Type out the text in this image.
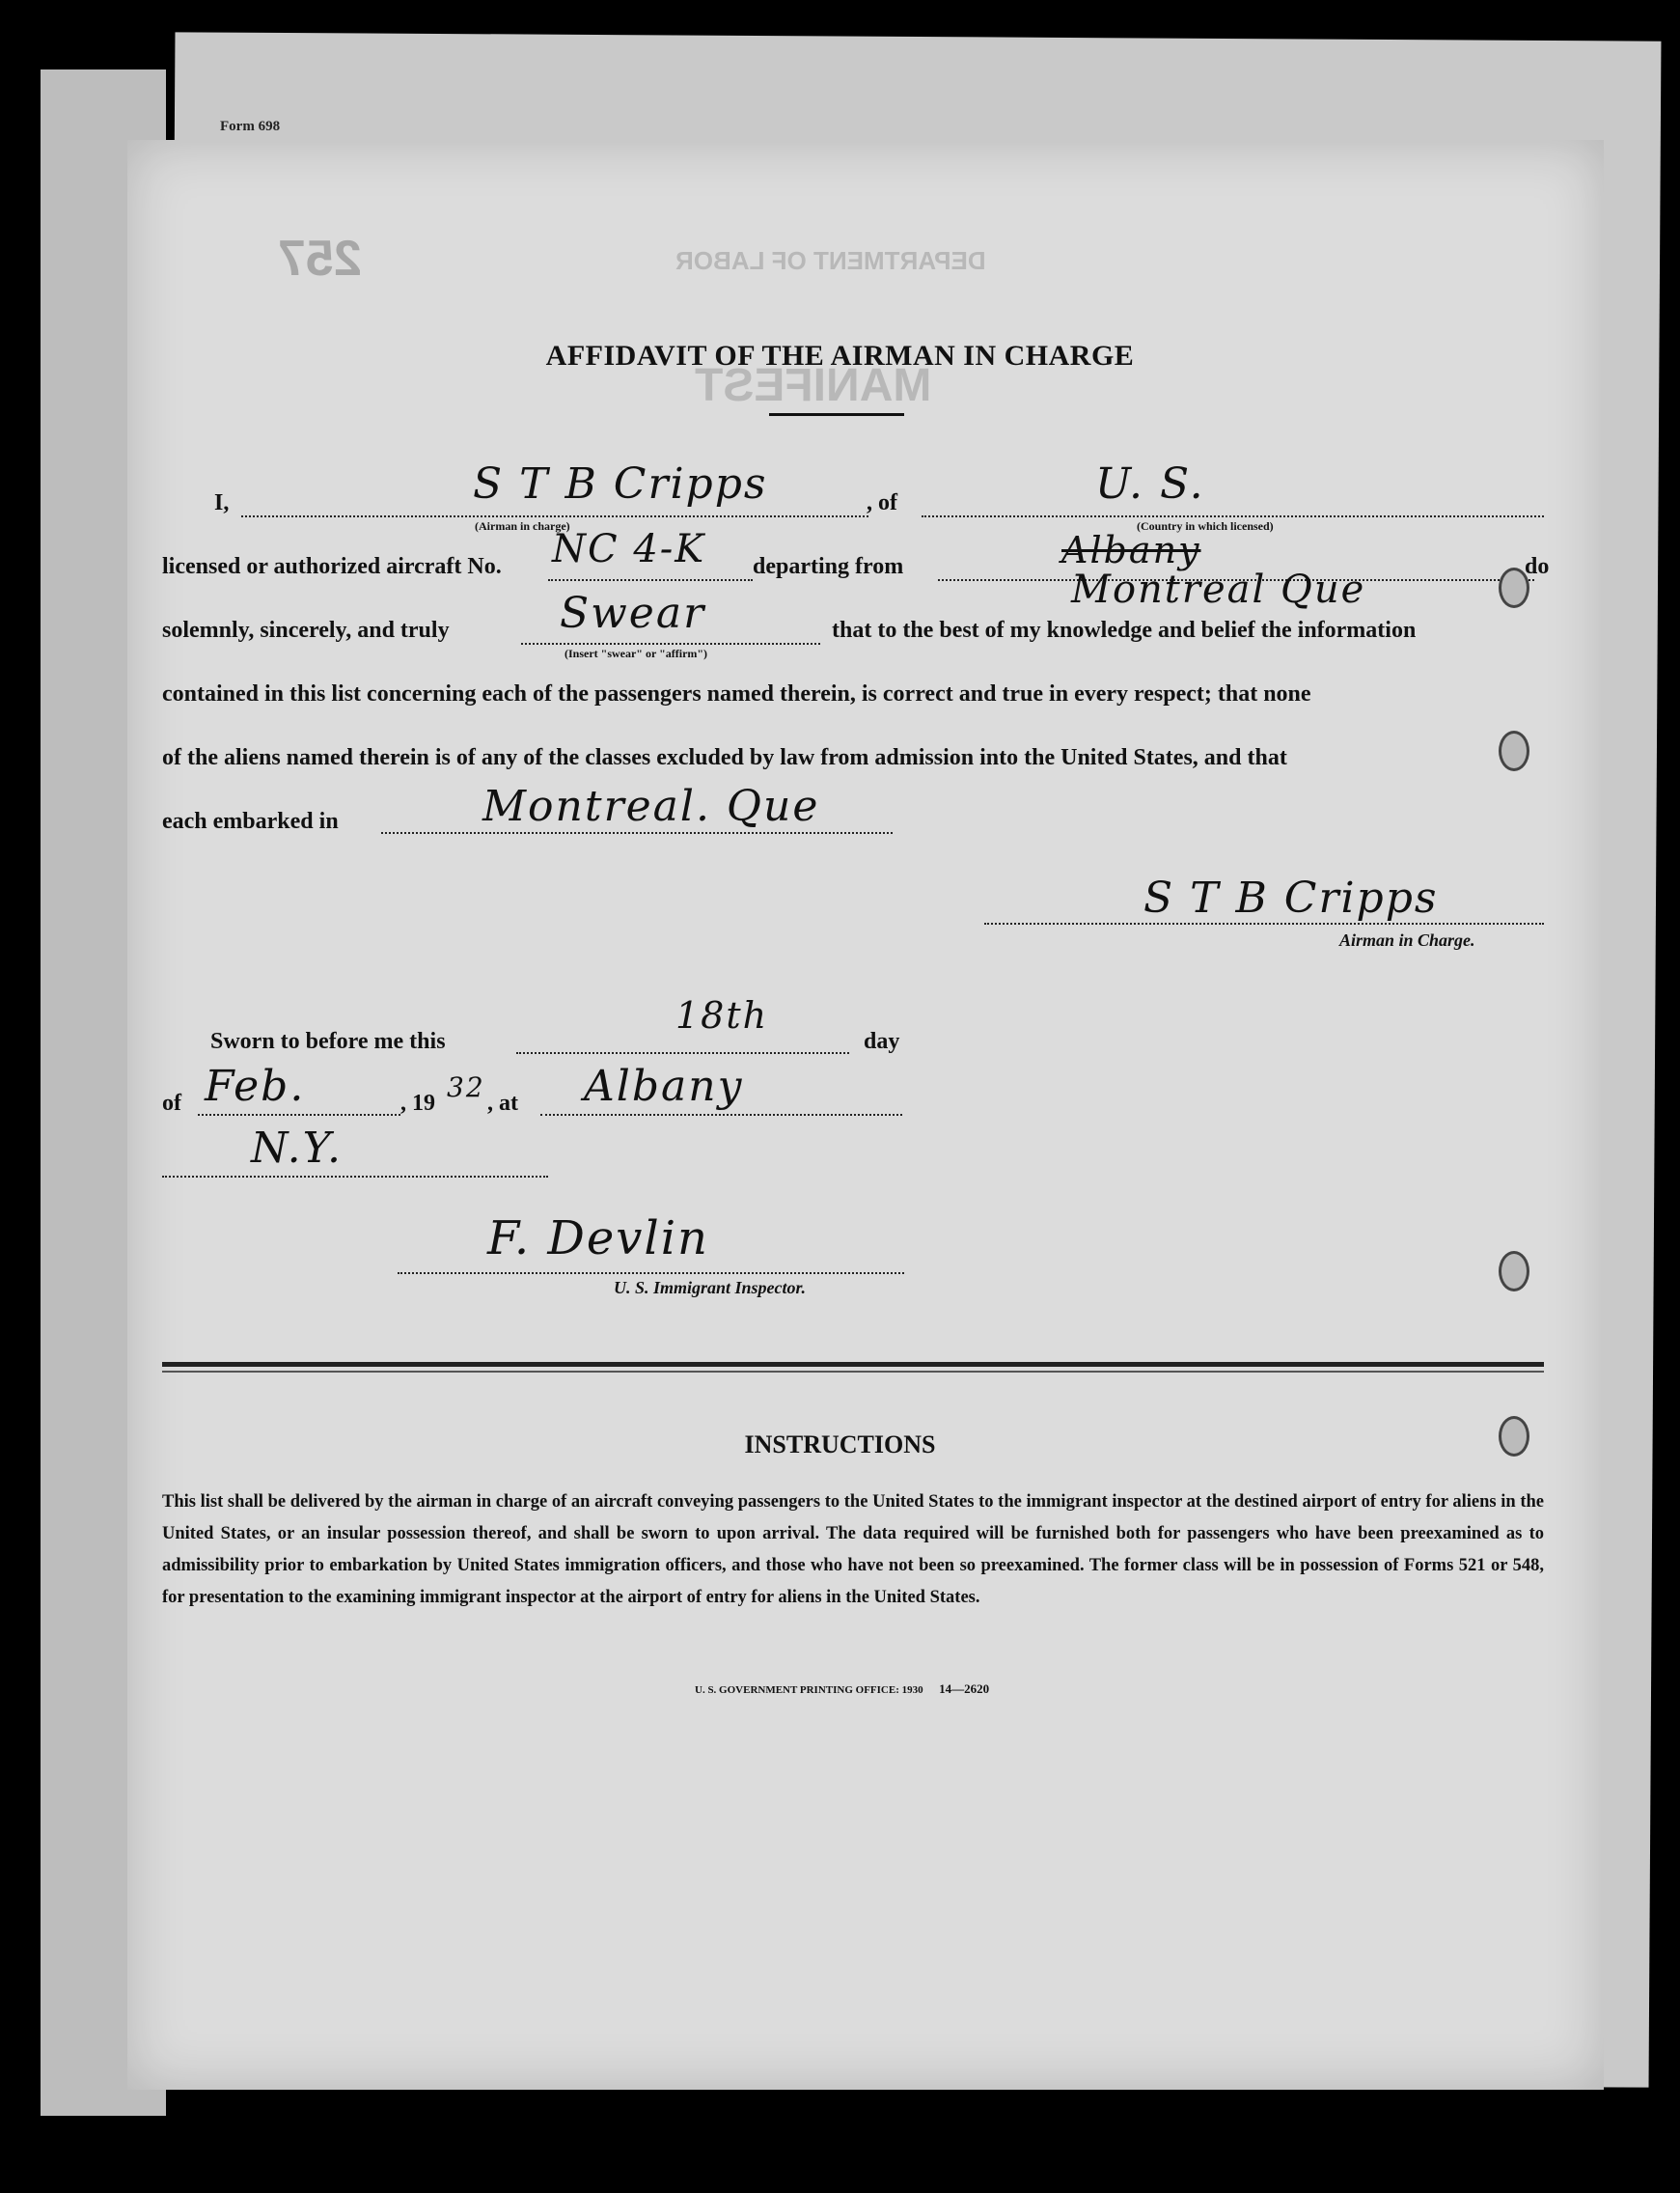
DEPARTMENT OF LABOR
MANIFEST
Form 698
257
AFFIDAVIT OF THE AIRMAN IN CHARGE
I,	S T B Cripps
(Airman in charge)
, of	U. S.
(Country in which licensed)
licensed or authorized aircraft No. NC 4-K departing from	Albany
Montreal Que
do
solemnly, sincerely, and truly	Swear
(Insert "swear" or "affirm")
that to the best of my knowledge and belief the information
contained in this list concerning each of the passengers named therein, is correct and true in every respect; that none
of the aliens named therein is of any of the classes excluded by law from admission into the United States, and that
each embarked in	Montreal. Que
S T B Cripps
Airman in Charge.
Sworn to before me this
18th
day
of Feb.	, 19 32 , at Albany
N.Y.
F. Devlin
U. S. Immigrant Inspector.
INSTRUCTIONS
This list shall be delivered by the airman in charge of an aircraft conveying passengers to the United States to the immigrant inspector at the destined airport of entry for aliens in the United States, or an insular possession thereof, and shall be sworn to upon arrival. The data required will be furnished both for passengers who have been preexamined as to admissibility prior to embarkation by United States immigration officers, and those who have not been so preexamined. The former class will be in possession of Forms 521 or 548, for presentation to the examining immigrant inspector at the airport of entry for aliens in the United States.
U. S. GOVERNMENT PRINTING OFFICE: 1930 14—2620
